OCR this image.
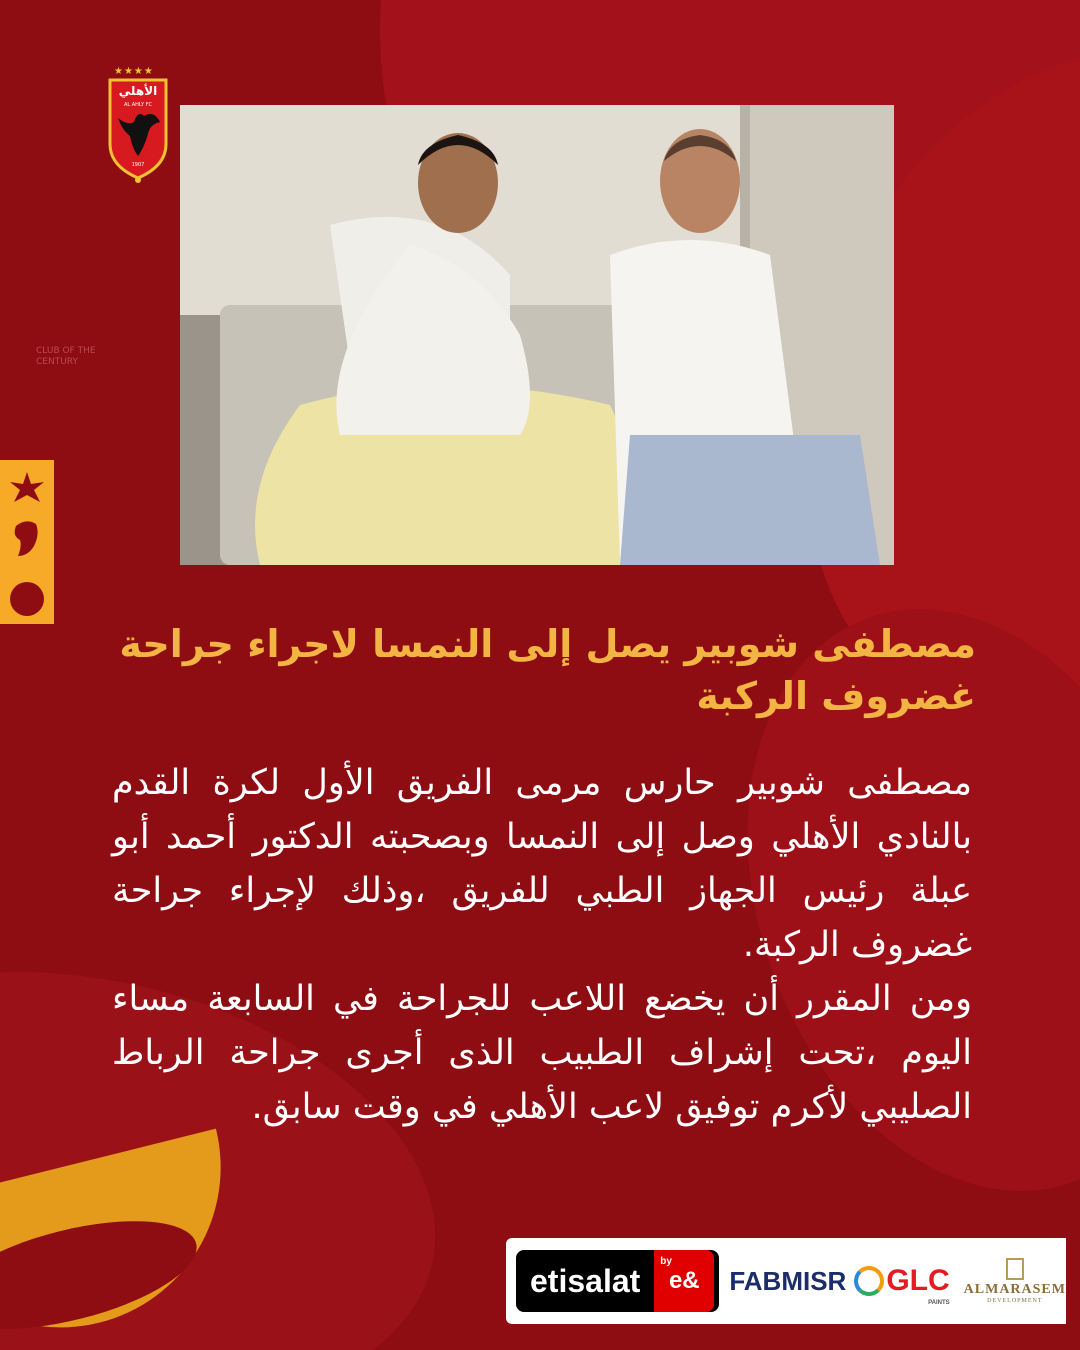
★★★★
الأهلي
AL AHLY FC
1907
CLUB OF THE CENTURY
مصطفى شوبير يصل إلى النمسا لاجراء جراحة غضروف الركبة

مصطفى شوبير حارس مرمى الفريق الأول لكرة القدم بالنادي الأهلي وصل إلى النمسا وبصحبته الدكتور أحمد أبو عبلة رئيس الجهاز الطبي للفريق ،وذلك لإجراء جراحة غضروف الركبة.

ومن المقرر أن يخضع اللاعب للجراحة في السابعة مساء اليوم ،تحت إشراف الطبيب الذى أجرى جراحة الرباط الصليبي لأكرم توفيق لاعب الأهلي في وقت سابق.

etisalat
by
e& FABMISR GLC
PAINTS
ALMARASEM
DEVELOPMENT
